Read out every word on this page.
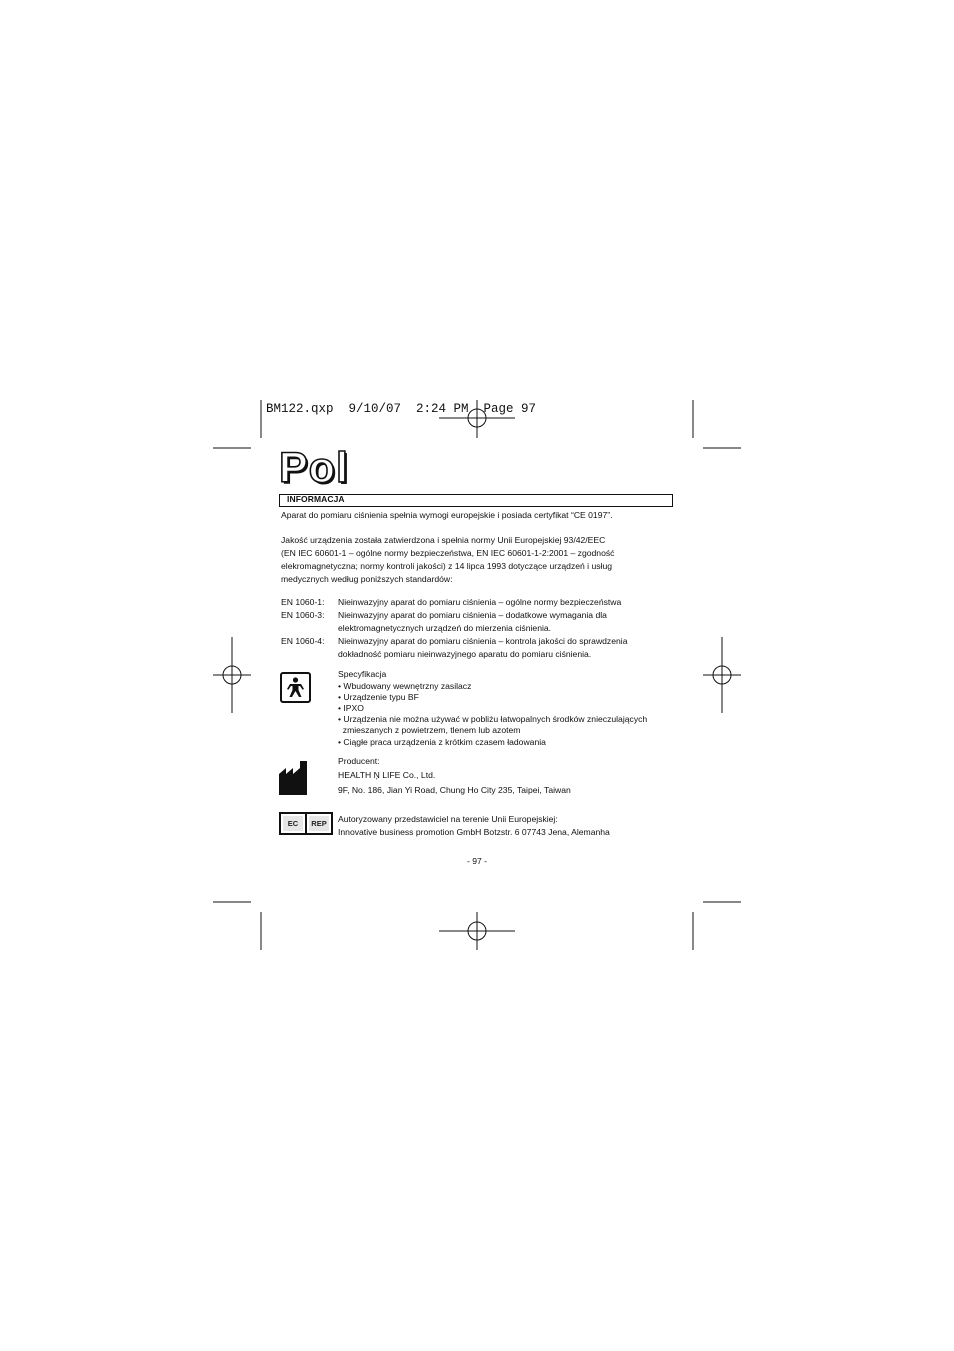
BM122.qxp  9/10/07  2:24 PM  Page 97
Pol
INFORMACJA
Aparat do pomiaru ciśnienia spełnia wymogi europejskie i posiada certyfikat “CE 0197”.
Jakość urządzenia została zatwierdzona i spełnia normy Unii Europejskiej 93/42/EEC
(EN IEC 60601-1 – ogólne normy bezpieczeństwa, EN IEC 60601-1-2:2001 – zgodność
elekromagnetyczna; normy kontroli jakości) z 14 lipca 1993 dotyczące urządzeń i usług
medycznych według poniższych standardów:
EN 1060-1: Nieinwazyjny aparat do pomiaru ciśnienia – ogólne normy bezpieczeństwa
EN 1060-3: Nieinwazyjny aparat do pomiaru ciśnienia – dodatkowe wymagania dla
elektromagnetycznych urządzeń do mierzenia ciśnienia.
EN 1060-4: Nieinwazyjny aparat do pomiaru ciśnienia – kontrola jakości do sprawdzenia
dokładność pomiaru nieinwazyjnego aparatu do pomiaru ciśnienia.
Specyfikacja
• Wbudowany wewnętrzny zasilacz
• Urządzenie typu BF
• IPXO
• Urządzenia nie można używać w pobliżu łatwopalnych środków znieczulających
zmieszanych z powietrzem, tlenem lub azotem
• Ciągłe praca urządzenia z krótkim czasem ładowania
Producent:
HEALTH Ņ LIFE Co., Ltd.
9F, No. 186, Jian Yi Road, Chung Ho City 235, Taipei, Taiwan
EC	REP Autoryzowany przedstawiciel na terenie Unii Europejskiej:
Innovative business promotion GmbH Botzstr. 6 07743 Jena, Alemanha
- 97 -
